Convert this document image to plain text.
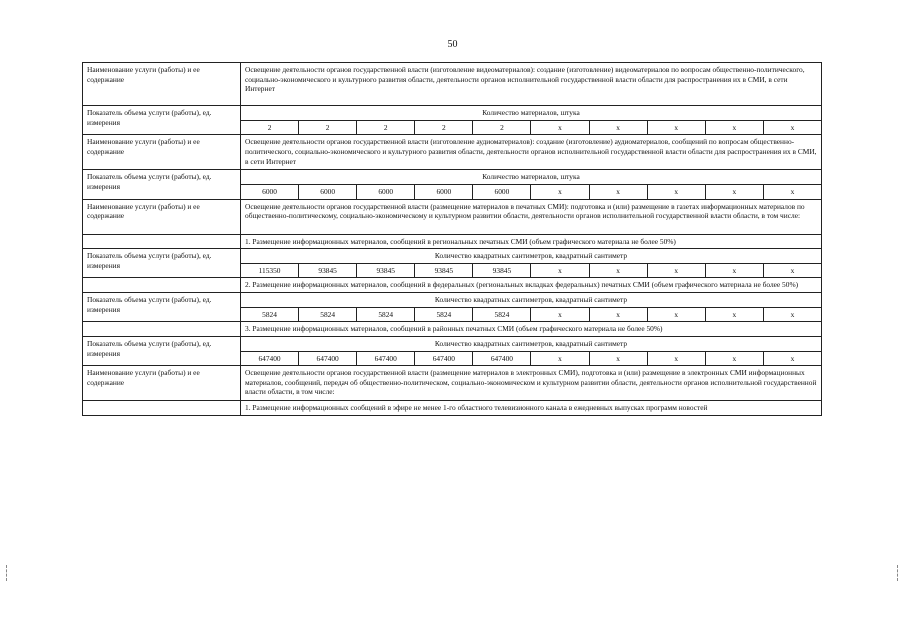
50
Наименование услуги (работы) и ее содержание	Освещение деятельности органов государственной власти (изготовление видеоматериалов): создание (изготовление) видеоматериалов по вопросам общественно-политического, социально-экономического и культурного развития области, деятельности органов исполнительной государственной власти области для распространения их в СМИ, в сети Интернет									
Показатель объема услуги (работы), ед. измерения	Количество материалов, штука									
	2	2	2	2	2	x	x	x	x	x
Наименование услуги (работы) и ее содержание	Освещение деятельности органов государственной власти (изготовление аудиоматериалов): создание (изготовление) аудиоматериалов, сообщений по вопросам общественно-политического, социально-экономического и культурного развития области, деятельности органов исполнительной государственной власти области для распространения их в СМИ, в сети Интернет									
Показатель объема услуги (работы), ед. измерения	Количество материалов, штука									
	6000	6000	6000	6000	6000	x	x	x	x	x
Наименование услуги (работы) и ее содержание	Освещение деятельности органов государственной власти (размещение материалов в печатных СМИ): подготовка и (или) размещение в газетах информационных материалов по общественно-политическому, социально-экономическому и культурном развитии области, деятельности органов исполнительной государственной власти области, в том числе:									
	1. Размещение информационных материалов, сообщений в региональных печатных СМИ (объем графического материала не более 50%)									
Показатель объема услуги (работы), ед. измерения	Количество квадратных сантиметров, квадратный сантиметр									
	115350	93845	93845	93845	93845	x	x	x	x	x
	2. Размещение информационных материалов, сообщений в федеральных (региональных вкладках федеральных) печатных СМИ (объем графического материала не более 50%)									
Показатель объема услуги (работы), ед. измерения	Количество квадратных сантиметров, квадратный сантиметр									
	5824	5824	5824	5824	5824	x	x	x	x	x
	3. Размещение информационных материалов, сообщений в районных печатных СМИ (объем графического материала не более 50%)									
Показатель объема услуги (работы), ед. измерения	Количество квадратных сантиметров, квадратный сантиметр									
	647400	647400	647400	647400	647400	x	x	x	x	x
Наименование услуги (работы) и ее содержание	Освещение деятельности органов государственной власти (размещение материалов в электронных СМИ), подготовка и (или) размещение в электронных СМИ информационных материалов, сообщений, передач об общественно-политическом, социально-экономическом и культурном развитии области, деятельности органов исполнительной государственной власти области, в том числе:									
	1. Размещение информационных сообщений в эфире не менее 1-го областного телевизионного канала в ежедневных выпусках программ новостей									
